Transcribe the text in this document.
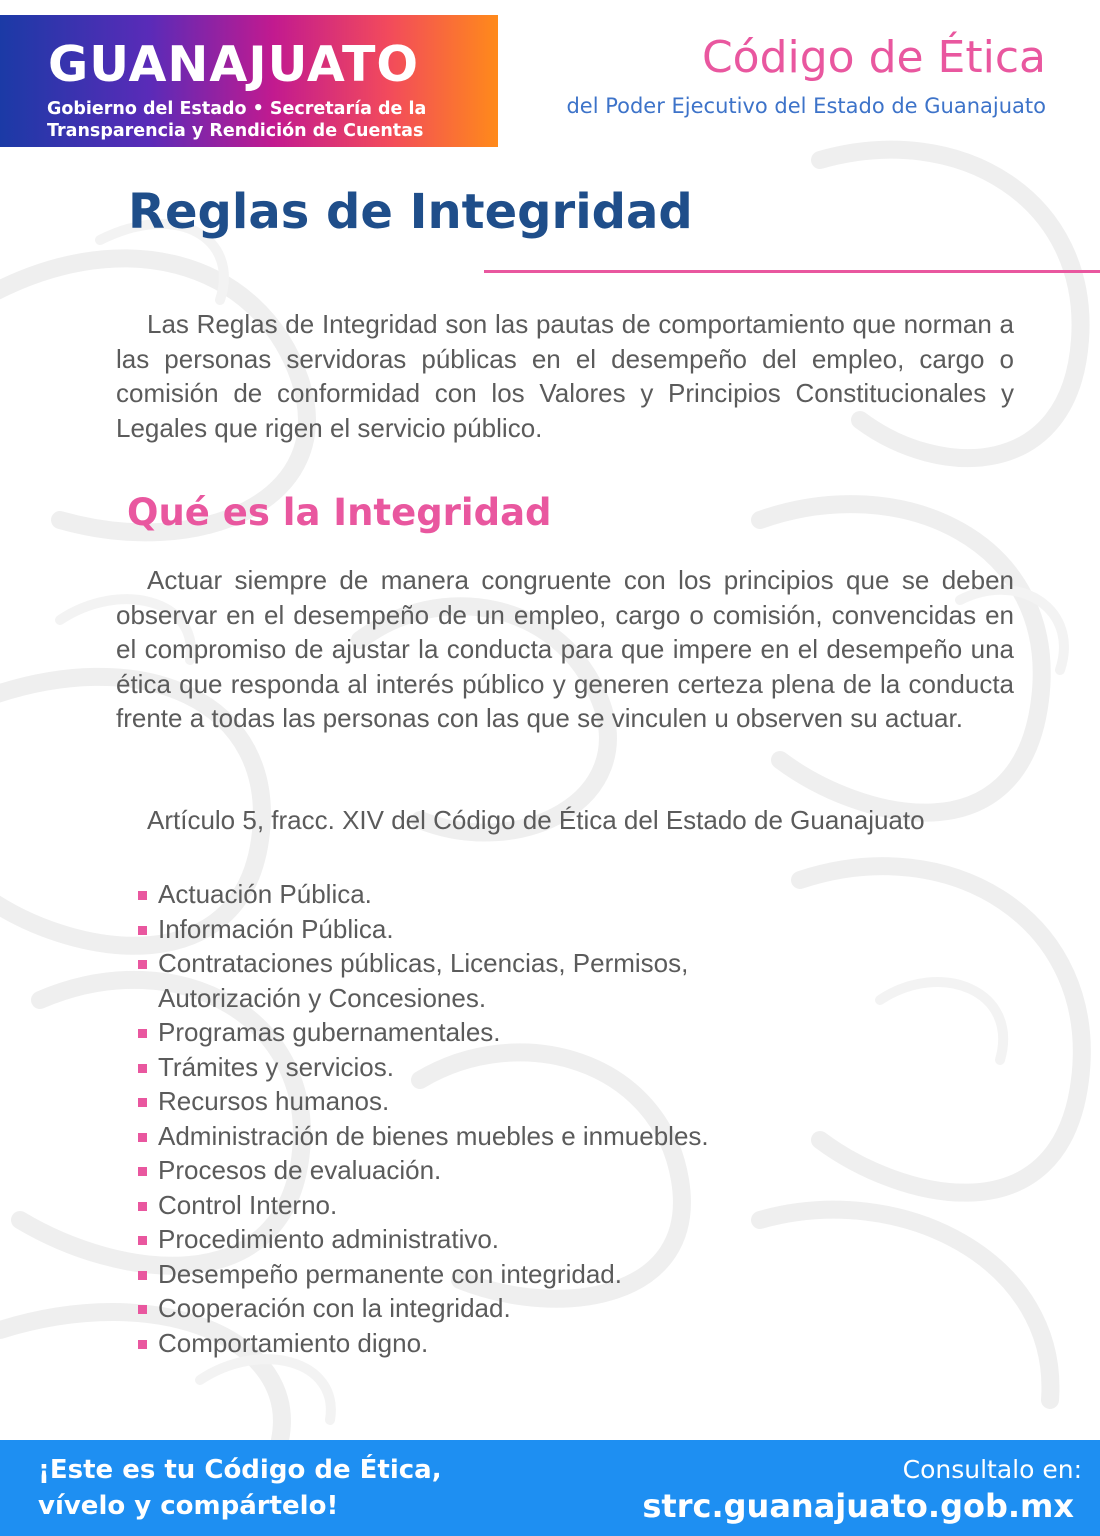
GUANAJUATO
Gobierno del Estado • Secretaría de la
Transparencia y Rendición de Cuentas
Código de Ética
del Poder Ejecutivo del Estado de Guanajuato
Reglas de Integridad

Las Reglas de Integridad son las pautas de comportamiento que norman a las personas servidoras públicas en el desempeño del empleo, cargo o comisión de conformidad con los Valores y Principios Constitucionales y Legales que rigen el servicio público.

Qué es la Integridad

Actuar siempre de manera congruente con los principios que se deben observar en el desempeño de un empleo, cargo o comisión, convencidas en el compromiso de ajustar la conducta para que impere en el desempeño una ética que responda al interés público y generen certeza plena de la conducta frente a todas las personas con las que se vinculen u observen su actuar.

Artículo 5, fracc. XIV del Código de Ética del Estado de Guanajuato
Actuación Pública.
Información Pública.
Contrataciones públicas, Licencias, Permisos, Autorización y Concesiones.
Programas gubernamentales.
Trámites y servicios.
Recursos humanos.
Administración de bienes muebles e inmuebles.
Procesos de evaluación.
Control Interno.
Procedimiento administrativo.
Desempeño permanente con integridad.
Cooperación con la integridad.
Comportamiento digno.
¡Este es tu Código de Ética,
vívelo y compártelo!
Consultalo en:
strc.guanajuato.gob.mx
